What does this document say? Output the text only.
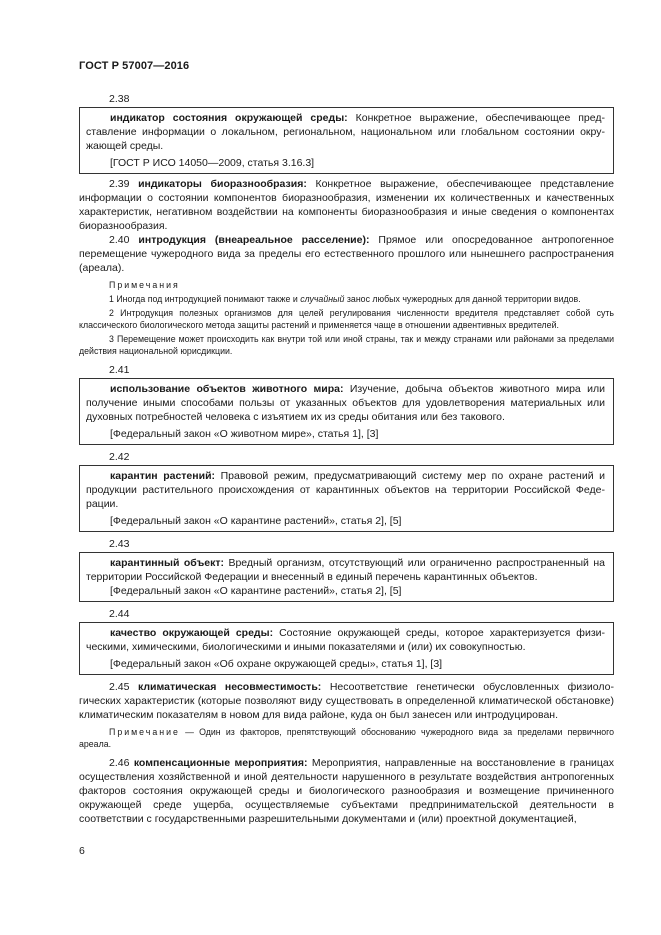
ГОСТ Р 57007—2016
2.38

индикатор состояния окружающей среды: Конкретное выражение, обеспечивающее представление информации о локальном, региональном, национальном или глобальном состоянии окружающей среды.

[ГОСТ Р ИСО 14050—2009, статья 3.16.3]

2.39 индикаторы биоразнообразия: Конкретное выражение, обеспечивающее представление информации о состоянии компонентов биоразнообразия, изменении их количественных и качественных характеристик, негативном воздействии на компоненты биоразнообразия и иные сведения о компонентах биоразнообразия.

2.40 интродукция (внеареальное расселение): Прямое или опосредованное антропогенное перемещение чужеродного вида за пределы его естественного прошлого или нынешнего распространения (ареала).

Примечания

1 Иногда под интродукцией понимают также и случайный занос любых чужеродных для данной территории видов.

2 Интродукция полезных организмов для целей регулирования численности вредителя представляет собой суть классического биологического метода защиты растений и применяется чаще в отношении адвентивных вредителей.

3 Перемещение может происходить как внутри той или иной страны, так и между странами или районами за пределами действия национальной юрисдикции.

2.41

использование объектов животного мира: Изучение, добыча объектов животного мира или получение иными способами пользы от указанных объектов для удовлетворения материальных или духовных потребностей человека с изъятием их из среды обитания или без такового.

[Федеральный закон «О животном мире», статья 1], [3]

2.42

карантин растений: Правовой режим, предусматривающий систему мер по охране растений и продукции растительного происхождения от карантинных объектов на территории Российской Федерации.

[Федеральный закон «О карантине растений», статья 2], [5]

2.43

карантинный объект: Вредный организм, отсутствующий или ограниченно распространенный на территории Российской Федерации и внесенный в единый перечень карантинных объектов.

[Федеральный закон «О карантине растений», статья 2], [5]

2.44

качество окружающей среды: Состояние окружающей среды, которое характеризуется физическими, химическими, биологическими и иными показателями и (или) их совокупностью.

[Федеральный закон «Об охране окружающей среды», статья 1], [3]

2.45 климатическая несовместимость: Несоответствие генетически обусловленных физиологических характеристик (которые позволяют виду существовать в определенной климатической обстановке) климатическим показателям в новом для вида районе, куда он был занесен или интродуцирован.

Примечание — Один из факторов, препятствующий обоснованию чужеродного вида за пределами первичного ареала.

2.46 компенсационные мероприятия: Мероприятия, направленные на восстановление в границах осуществления хозяйственной и иной деятельности нарушенного в результате воздействия антропогенных факторов состояния окружающей среды и биологического разнообразия и возмещение причиненного окружающей среде ущерба, осуществляемые субъектами предпринимательской деятельности в соответствии с государственными разрешительными документами и (или) проектной документацией,

6
